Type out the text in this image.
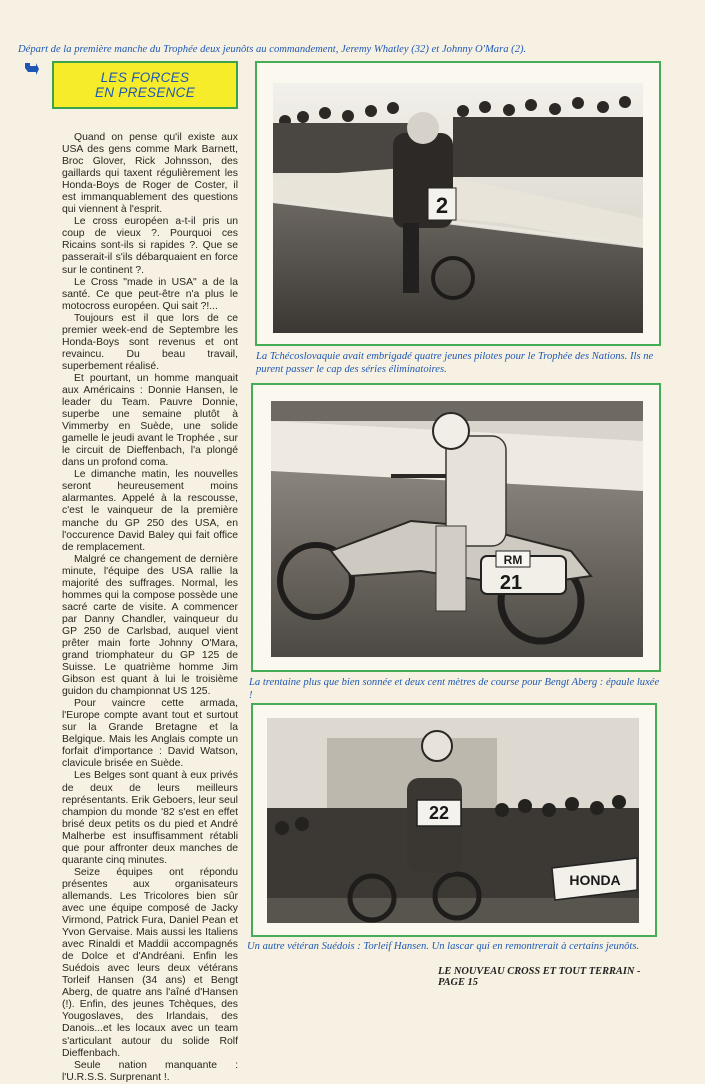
Départ de la première manche du Trophée deux jeunôts au commandement, Jeremy Whatley (32) et Johnny O'Mara (2).
LES FORCES
EN PRESENCE

Quand on pense qu'il existe aux USA des gens comme Mark Barnett, Broc Glover, Rick Johnsson, des gaillards qui taxent régulièrement les Honda-Boys de Roger de Coster, il est immanquablement des questions qui viennent à l'esprit.

Le cross européen a-t-il pris un coup de vieux ?. Pourquoi ces Ricains sont-ils si rapides ?. Que se passerait-il s'ils débarquaient en force sur le continent ?.

Le Cross "made in USA" a de la santé. Ce que peut-être n'a plus le motocross européen. Qui sait ?!...

Toujours est il que lors de ce premier week-end de Septembre les Honda-Boys sont revenus et ont revaincu. Du beau travail, superbement réalisé.

Et pourtant, un homme manquait aux Américains : Donnie Hansen, le leader du Team. Pauvre Donnie, superbe une semaine plutôt à Vimmerby en Suède, une solide gamelle le jeudi avant le Trophée , sur le circuit de Dieffenbach, l'a plongé dans un profond coma.

Le dimanche matin, les nouvelles seront heureusement moins alarmantes. Appelé à la rescousse, c'est le vainqueur de la première manche du GP 250 des USA, en l'occurence David Baley qui fait office de remplacement.

Malgré ce changement de dernière minute, l'équipe des USA rallie la majorité des suffrages. Normal, les hommes qui la compose possède une sacré carte de visite. A commencer par Danny Chandler, vainqueur du GP 250 de Carlsbad, auquel vient prêter main forte Johnny O'Mara, grand triomphateur du GP 125 de Suisse. Le quatrième homme Jim Gibson est quant à lui le troisième guidon du championnat US 125.

Pour vaincre cette armada, l'Europe compte avant tout et surtout sur la Grande Bretagne et la Belgique. Mais les Anglais compte un forfait d'importance : David Watson, clavicule brisée en Suède.

Les Belges sont quant à eux privés de deux de leurs meilleurs représentants. Erik Geboers, leur seul champion du monde '82 s'est en effet brisé deux petits os du pied et André Malherbe est insuffisamment rétabli que pour affronter deux manches de quarante cinq minutes.

Seize équipes ont répondu présentes aux organisateurs allemands. Les Tricolores bien sûr avec une équipe composé de Jacky Virmond, Patrick Fura, Daniel Pean et Yvon Gervaise. Mais aussi les Italiens avec Rinaldi et Maddii accompagnés de Dolce et d'Andréani. Enfin les Suédois avec leurs deux vétérans Torleif Hansen (34 ans) et Bengt Aberg, de quatre ans l'aîné d'Hansen (!). Enfin, des jeunes Tchèques, des Yougoslaves, des Irlandais, des Danois...et les locaux avec un team s'articulant autour du solide Rolf Dieffenbach.

Seule nation manquante : l'U.R.S.S. Surprenant !.

2
La Tchécoslovaquie avait embrigadé quatre jeunes pilotes pour le Trophée des Nations. Ils ne purent passer le cap des séries éliminatoires.
RM
21
La trentaine plus que bien sonnée et deux cent mètres de course pour Bengt Aberg : épaule luxée !
HONDA
22
Un autre vétéran Suédois : Torleif Hansen. Un lascar qui en remontrerait à certains jeunôts.
LE NOUVEAU CROSS ET TOUT TERRAIN - PAGE 15
